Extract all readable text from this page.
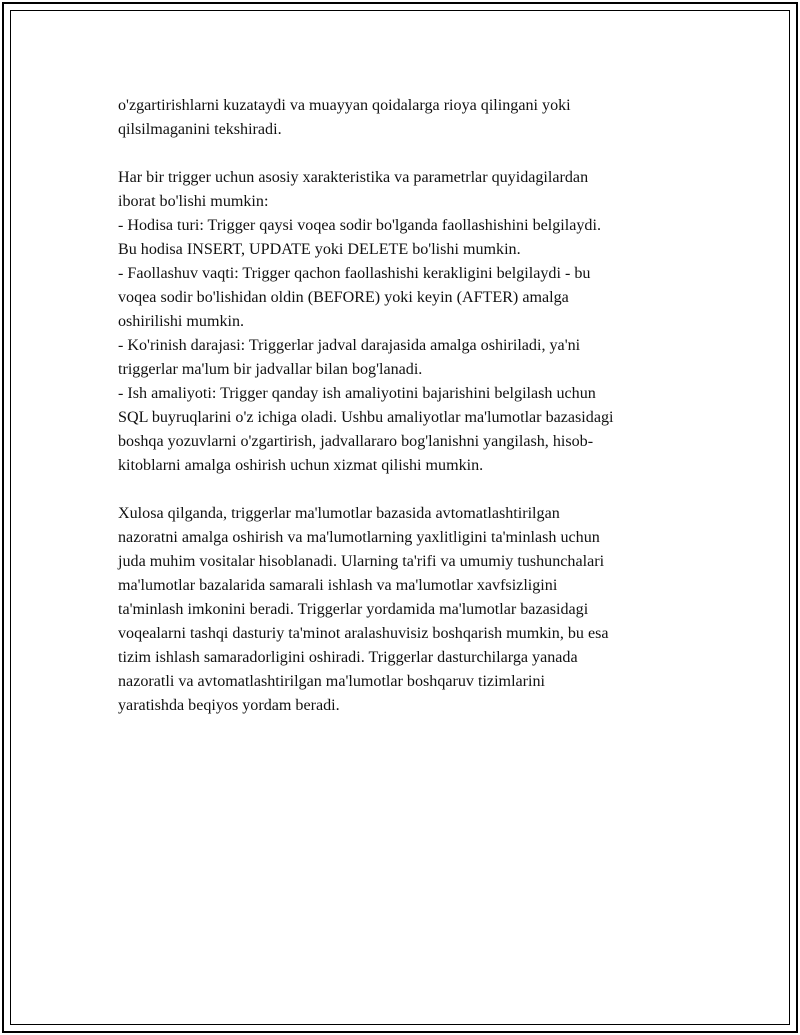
o'zgartirishlarni kuzataydi va muayyan qoidalarga rioya qilingani yoki
qilsilmaganini tekshiradi.

Har bir trigger uchun asosiy xarakteristika va parametrlar quyidagilardan
iborat bo'lishi mumkin:
- Hodisa turi: Trigger qaysi voqea sodir bo'lganda faollashishini belgilaydi.
Bu hodisa INSERT, UPDATE yoki DELETE bo'lishi mumkin.
- Faollashuv vaqti: Trigger qachon faollashishi kerakligini belgilaydi - bu
voqea sodir bo'lishidan oldin (BEFORE) yoki keyin (AFTER) amalga
oshirilishi mumkin.
- Ko'rinish darajasi: Triggerlar jadval darajasida amalga oshiriladi, ya'ni
triggerlar ma'lum bir jadvallar bilan bog'lanadi.
- Ish amaliyoti: Trigger qanday ish amaliyotini bajarishini belgilash uchun
SQL buyruqlarini o'z ichiga oladi. Ushbu amaliyotlar ma'lumotlar bazasidagi
boshqa yozuvlarni o'zgartirish, jadvallararo bog'lanishni yangilash, hisob-
kitoblarni amalga oshirish uchun xizmat qilishi mumkin.

Xulosa qilganda, triggerlar ma'lumotlar bazasida avtomatlashtirilgan
nazoratni amalga oshirish va ma'lumotlarning yaxlitligini ta'minlash uchun
juda muhim vositalar hisoblanadi. Ularning ta'rifi va umumiy tushunchalari
ma'lumotlar bazalarida samarali ishlash va ma'lumotlar xavfsizligini
ta'minlash imkonini beradi. Triggerlar yordamida ma'lumotlar bazasidagi
voqealarni tashqi dasturiy ta'minot aralashuvisiz boshqarish mumkin, bu esa
tizim ishlash samaradorligini oshiradi. Triggerlar dasturchilarga yanada
nazoratli va avtomatlashtirilgan ma'lumotlar boshqaruv tizimlarini
yaratishda beqiyos yordam beradi.
